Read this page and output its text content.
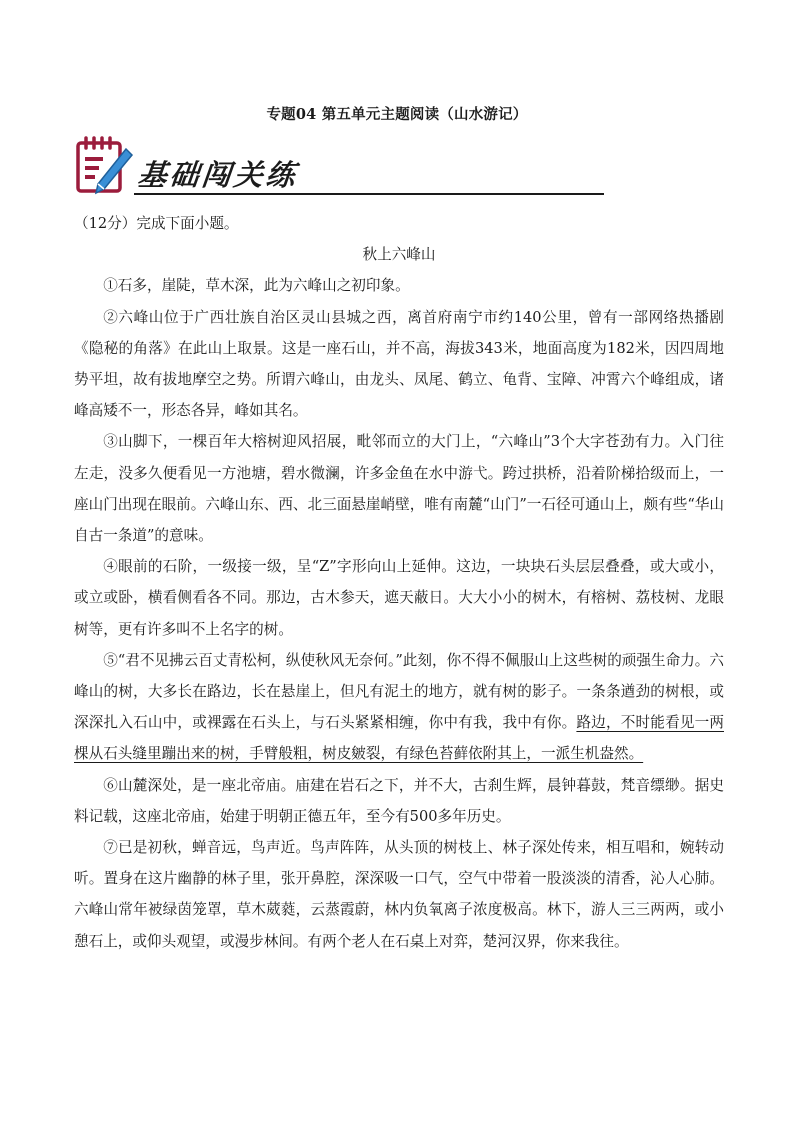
专题04 第五单元主题阅读（山水游记）
基础闯关练

（12分）完成下面小题。

秋上六峰山

①石多，崖陡，草木深，此为六峰山之初印象。

②六峰山位于广西壮族自治区灵山县城之西，离首府南宁市约140公里，曾有一部网络热播剧《隐秘的角落》在此山上取景。这是一座石山，并不高，海拔343米，地面高度为182米，因四周地势平坦，故有拔地摩空之势。所谓六峰山，由龙头、凤尾、鹤立、龟背、宝障、冲霄六个峰组成，诸峰高矮不一，形态各异，峰如其名。

③山脚下，一棵百年大榕树迎风招展，毗邻而立的大门上，“六峰山”3个大字苍劲有力。入门往左走，没多久便看见一方池塘，碧水微澜，许多金鱼在水中游弋。跨过拱桥，沿着阶梯拾级而上，一座山门出现在眼前。六峰山东、西、北三面悬崖峭壁，唯有南麓“山门”一石径可通山上，颇有些“华山自古一条道”的意味。

④眼前的石阶，一级接一级，呈“Z”字形向山上延伸。这边，一块块石头层层叠叠，或大或小，或立或卧，横看侧看各不同。那边，古木参天，遮天蔽日。大大小小的树木，有榕树、荔枝树、龙眼树等，更有许多叫不上名字的树。

⑤“君不见拂云百丈青松柯，纵使秋风无奈何。”此刻，你不得不佩服山上这些树的顽强生命力。六峰山的树，大多长在路边，长在悬崖上，但凡有泥土的地方，就有树的影子。一条条遒劲的树根，或深深扎入石山中，或裸露在石头上，与石头紧紧相缠，你中有我，我中有你。路边，不时能看见一两棵从石头缝里蹦出来的树，手臂般粗，树皮皴裂，有绿色苔藓依附其上，一派生机盎然。

⑥山麓深处，是一座北帝庙。庙建在岩石之下，并不大，古刹生辉，晨钟暮鼓，梵音缥缈。据史料记载，这座北帝庙，始建于明朝正德五年，至今有500多年历史。

⑦已是初秋，蝉音远，鸟声近。鸟声阵阵，从头顶的树枝上、林子深处传来，相互唱和，婉转动听。置身在这片幽静的林子里，张开鼻腔，深深吸一口气，空气中带着一股淡淡的清香，沁人心肺。六峰山常年被绿茵笼罩，草木葳蕤，云蒸霞蔚，林内负氧离子浓度极高。林下，游人三三两两，或小憩石上，或仰头观望，或漫步林间。有两个老人在石桌上对弈，楚河汉界，你来我往。
